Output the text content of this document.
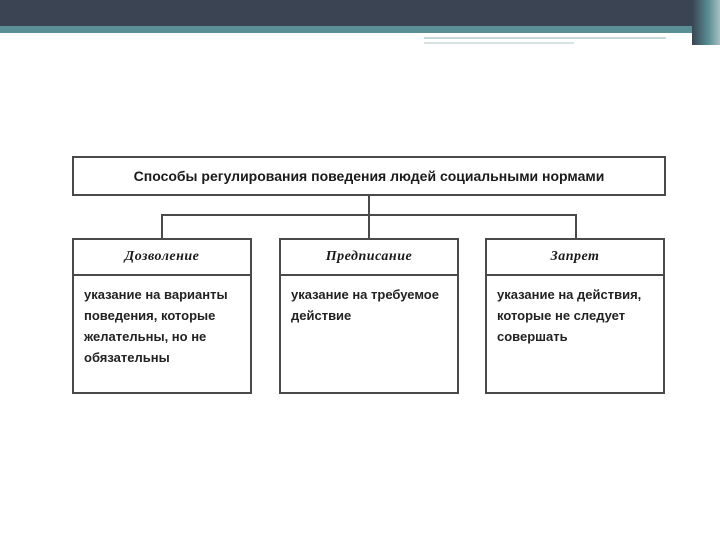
Способы регулирования поведения людей социальными нормами
Дозволение
указание на варианты поведения, которые желательны, но не обязательны
Предписание
указание на требуемое действие
Запрет
указание на действия, которые не следует совершать
